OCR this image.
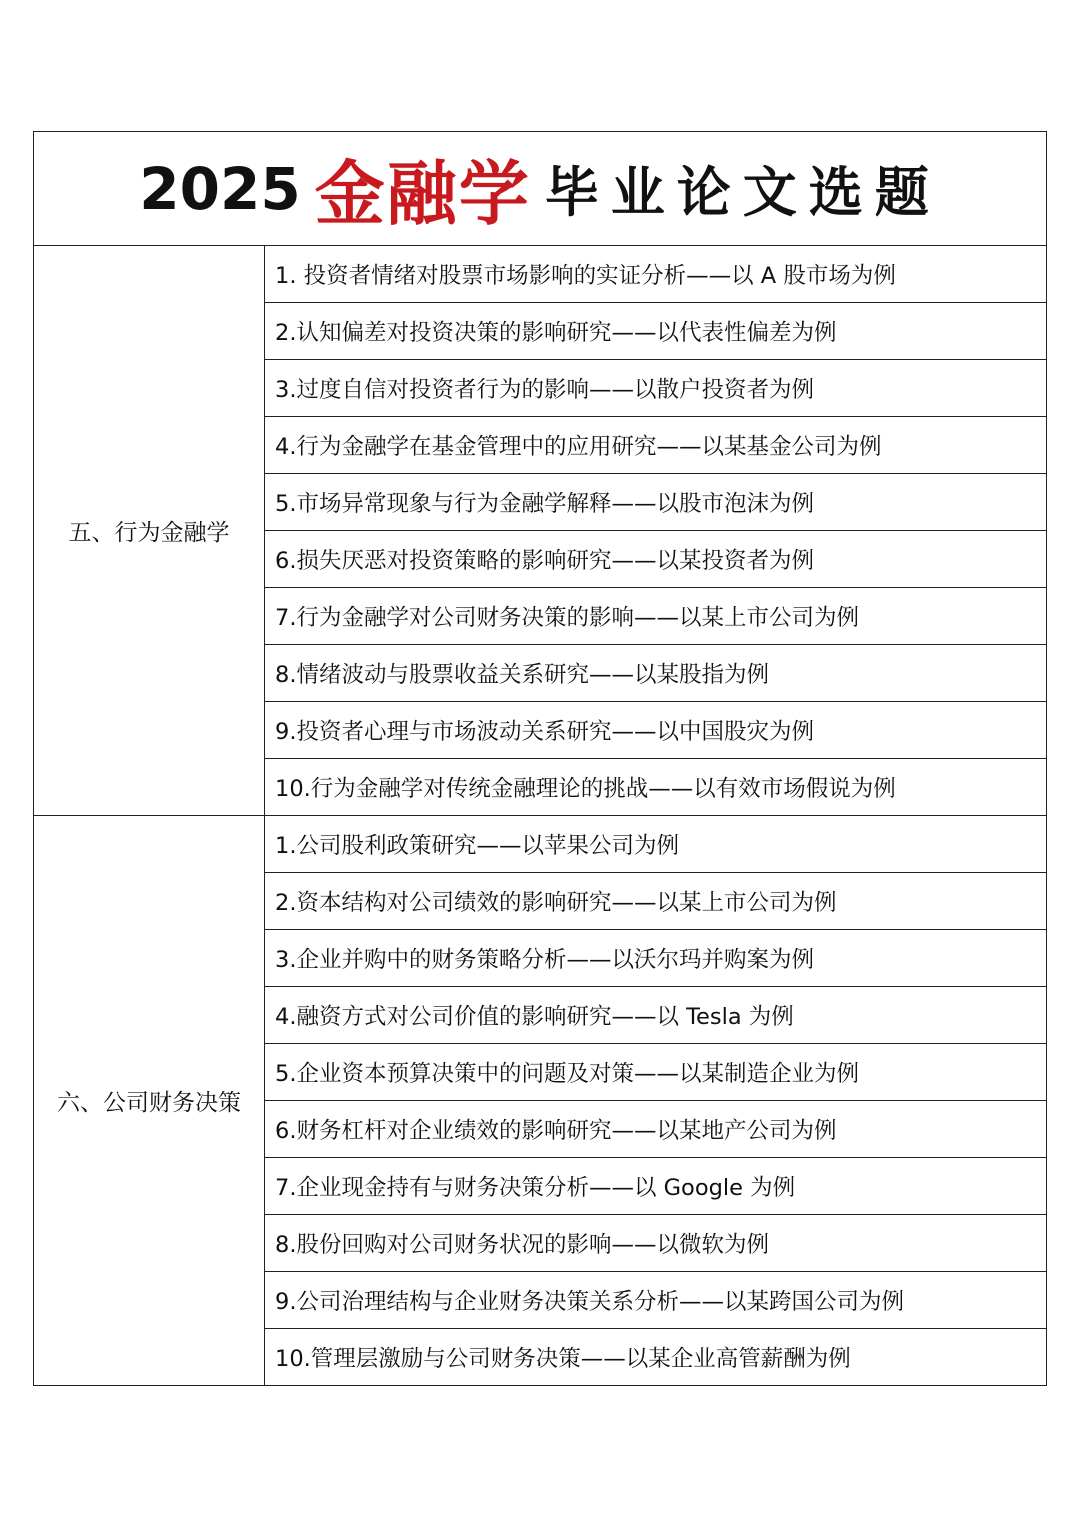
2025 金融学 毕业论文选题	
五、行为金融学	1. 投资者情绪对股票市场影响的实证分析——以 A 股市场为例
	2.认知偏差对投资决策的影响研究——以代表性偏差为例
	3.过度自信对投资者行为的影响——以散户投资者为例
	4.行为金融学在基金管理中的应用研究——以某基金公司为例
	5.市场异常现象与行为金融学解释——以股市泡沫为例
	6.损失厌恶对投资策略的影响研究——以某投资者为例
	7.行为金融学对公司财务决策的影响——以某上市公司为例
	8.情绪波动与股票收益关系研究——以某股指为例
	9.投资者心理与市场波动关系研究——以中国股灾为例
	10.行为金融学对传统金融理论的挑战——以有效市场假说为例
六、公司财务决策	1.公司股利政策研究——以苹果公司为例
	2.资本结构对公司绩效的影响研究——以某上市公司为例
	3.企业并购中的财务策略分析——以沃尔玛并购案为例
	4.融资方式对公司价值的影响研究——以 Tesla 为例
	5.企业资本预算决策中的问题及对策——以某制造企业为例
	6.财务杠杆对企业绩效的影响研究——以某地产公司为例
	7.企业现金持有与财务决策分析——以 Google 为例
	8.股份回购对公司财务状况的影响——以微软为例
	9.公司治理结构与企业财务决策关系分析——以某跨国公司为例
	10.管理层激励与公司财务决策——以某企业高管薪酬为例
